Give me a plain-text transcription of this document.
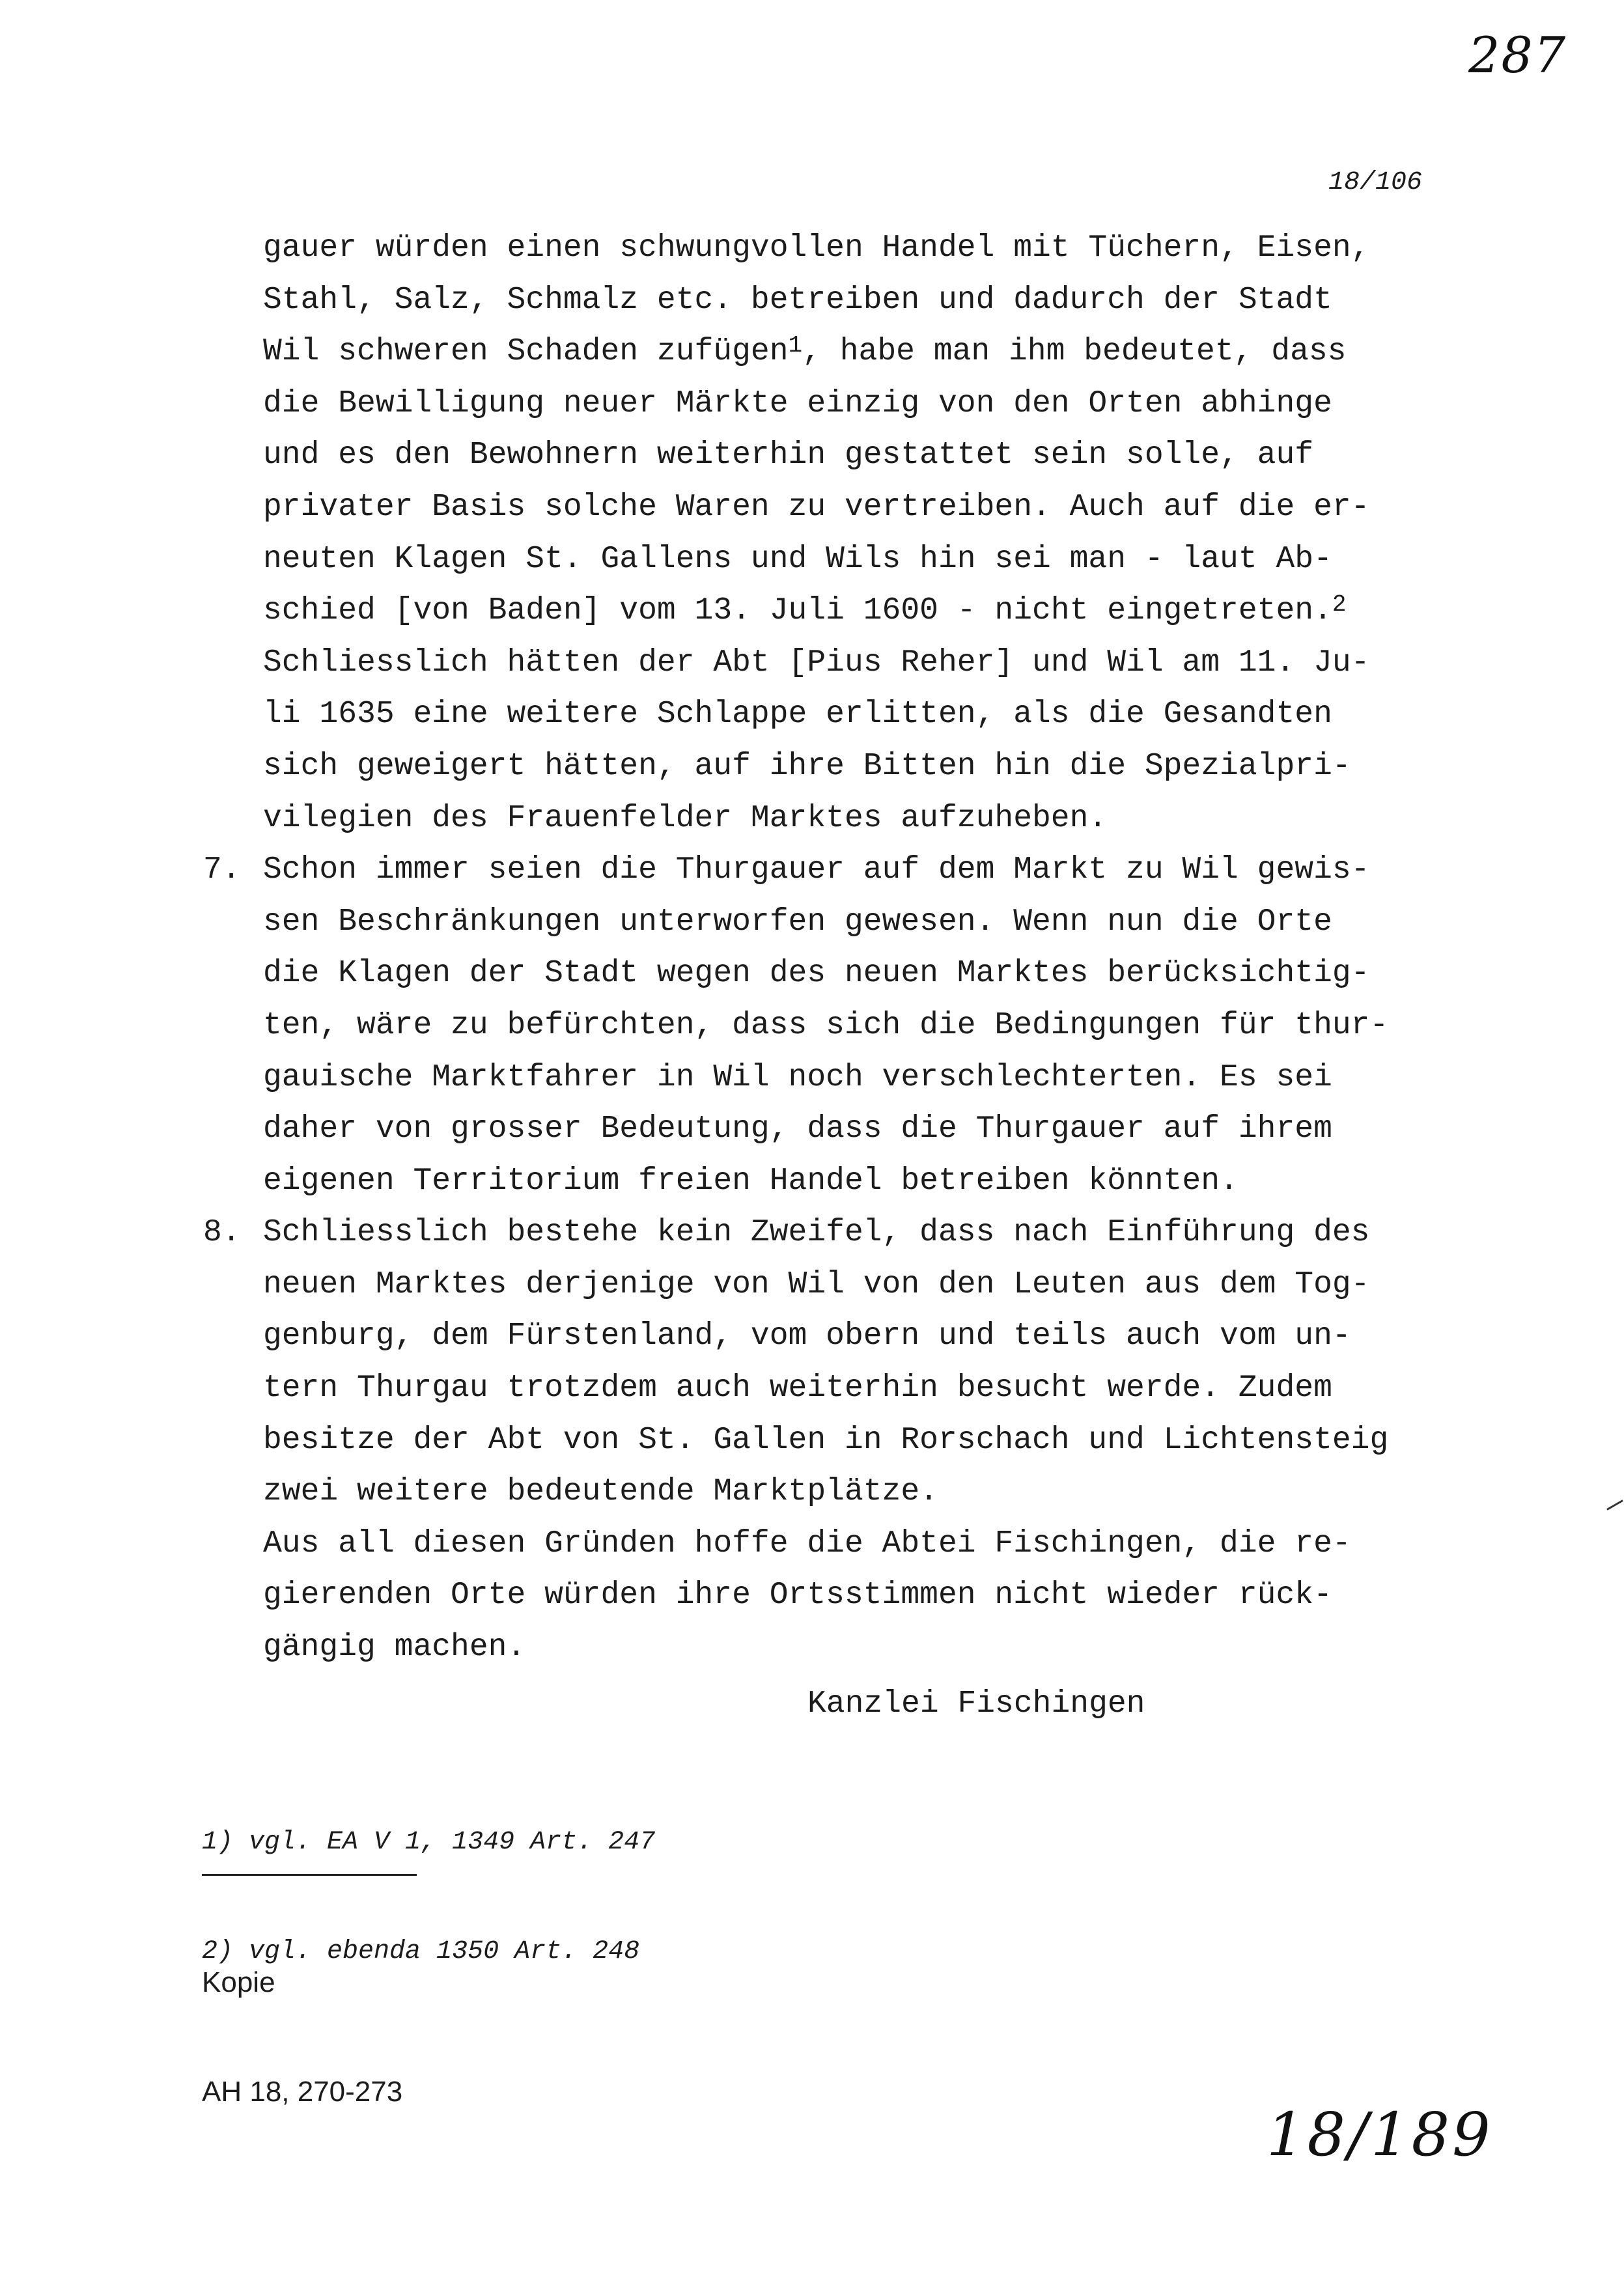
287
18/106
gauer würden einen schwungvollen Handel mit Tüchern, Eisen,
Stahl, Salz, Schmalz etc. betreiben und dadurch der Stadt
Wil schweren Schaden zufügen$^1$, habe man ihm bedeutet, dass
die Bewilligung neuer Märkte einzig von den Orten abhinge
und es den Bewohnern weiterhin gestattet sein solle, auf
privater Basis solche Waren zu vertreiben. Auch auf die er-
neuten Klagen St. Gallens und Wils hin sei man - laut Ab-
schied [von Baden] vom 13. Juli 1600 - nicht eingetreten.$^2$
Schliesslich hätten der Abt [Pius Reher] und Wil am 11. Ju-
li 1635 eine weitere Schlappe erlitten, als die Gesandten
sich geweigert hätten, auf ihre Bitten hin die Spezialpri-
vilegien des Frauenfelder Marktes aufzuheben.
7. Schon immer seien die Thurgauer auf dem Markt zu Wil gewis-
sen Beschränkungen unterworfen gewesen. Wenn nun die Orte
die Klagen der Stadt wegen des neuen Marktes berücksichtig-
ten, wäre zu befürchten, dass sich die Bedingungen für thur-
gauische Marktfahrer in Wil noch verschlechterten. Es sei
daher von grosser Bedeutung, dass die Thurgauer auf ihrem
eigenen Territorium freien Handel betreiben könnten.
8. Schliesslich bestehe kein Zweifel, dass nach Einführung des
neuen Marktes derjenige von Wil von den Leuten aus dem Tog-
genburg, dem Fürstenland, vom obern und teils auch vom un-
tern Thurgau trotzdem auch weiterhin besucht werde. Zudem
besitze der Abt von St. Gallen in Rorschach und Lichtensteig
zwei weitere bedeutende Marktplätze.
Aus all diesen Gründen hoffe die Abtei Fischingen, die re-
gierenden Orte würden ihre Ortsstimmen nicht wieder rück-
gängig machen.
Kanzlei Fischingen

1) vgl. EA V 1, 1349 Art. 247

2) vgl. ebenda 1350 Art. 248

Kopie

AH 18, 270-273

18/189
